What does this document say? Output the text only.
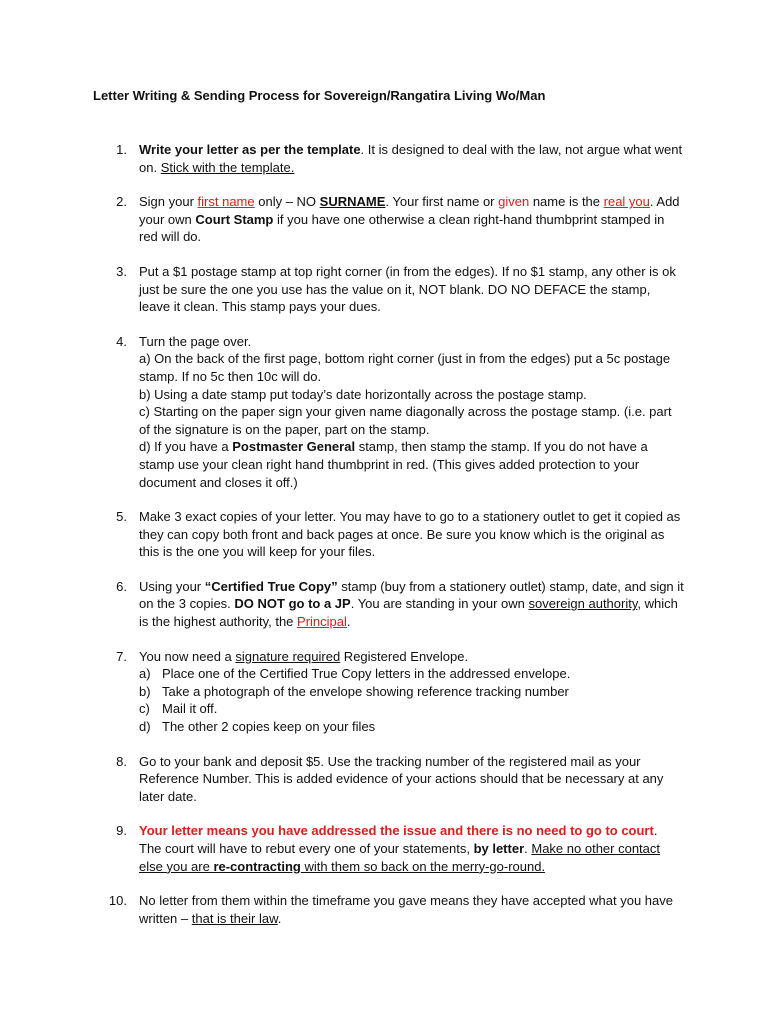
Letter Writing & Sending Process for Sovereign/Rangatira Living Wo/Man
1. Write your letter as per the template. It is designed to deal with the law, not argue what went on. Stick with the template.
2. Sign your first name only – NO SURNAME. Your first name or given name is the real you. Add your own Court Stamp if you have one otherwise a clean right-hand thumbprint stamped in red will do.
3. Put a $1 postage stamp at top right corner (in from the edges). If no $1 stamp, any other is ok just be sure the one you use has the value on it, NOT blank. DO NO DEFACE the stamp, leave it clean. This stamp pays your dues.
4. Turn the page over.
a) On the back of the first page, bottom right corner (just in from the edges) put a 5c postage stamp. If no 5c then 10c will do.
b) Using a date stamp put today’s date horizontally across the postage stamp.
c) Starting on the paper sign your given name diagonally across the postage stamp. (i.e. part of the signature is on the paper, part on the stamp.
d) If you have a Postmaster General stamp, then stamp the stamp. If you do not have a stamp use your clean right hand thumbprint in red. (This gives added protection to your document and closes it off.)
5. Make 3 exact copies of your letter. You may have to go to a stationery outlet to get it copied as they can copy both front and back pages at once. Be sure you know which is the original as this is the one you will keep for your files.
6. Using your “Certified True Copy” stamp (buy from a stationery outlet) stamp, date, and sign it on the 3 copies. DO NOT go to a JP. You are standing in your own sovereign authority, which is the highest authority, the Principal.
7. You now need a signature required Registered Envelope.
a) Place one of the Certified True Copy letters in the addressed envelope.
b) Take a photograph of the envelope showing reference tracking number
c) Mail it off.
d) The other 2 copies keep on your files
8. Go to your bank and deposit $5. Use the tracking number of the registered mail as your Reference Number. This is added evidence of your actions should that be necessary at any later date.
9. Your letter means you have addressed the issue and there is no need to go to court. The court will have to rebut every one of your statements, by letter. Make no other contact else you are re-contracting with them so back on the merry-go-round.
10. No letter from them within the timeframe you gave means they have accepted what you have written – that is their law.
